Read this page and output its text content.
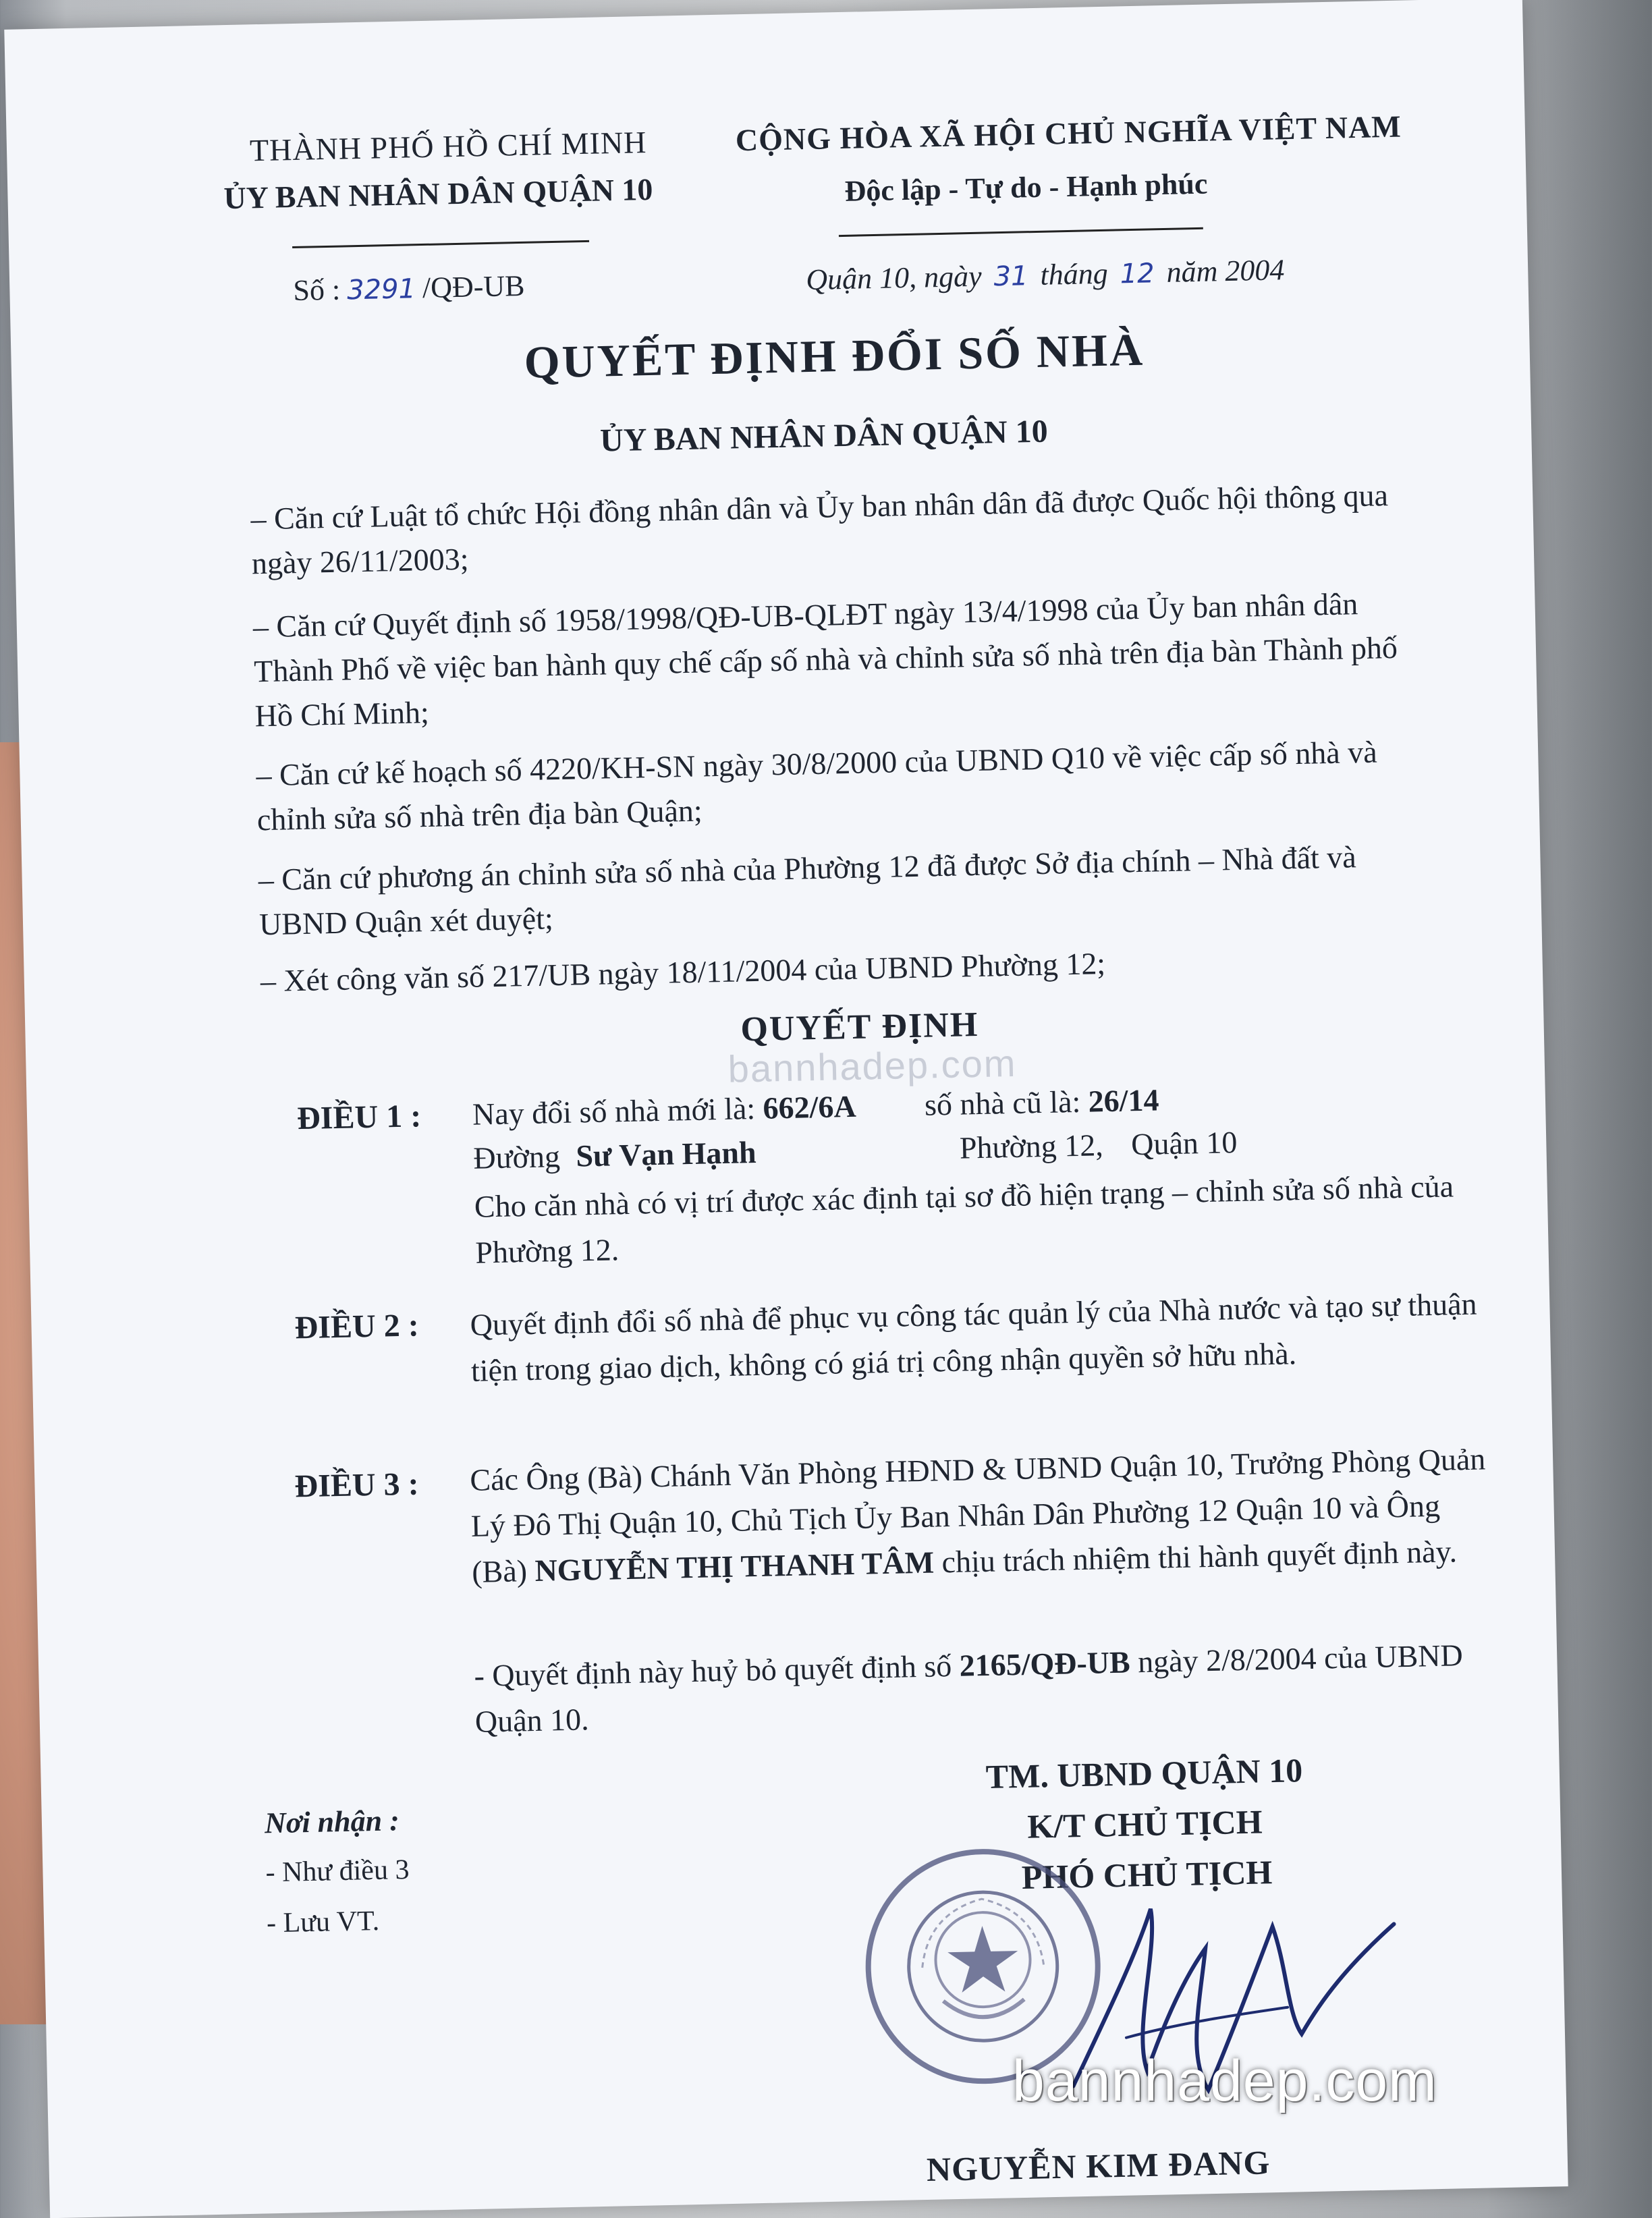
THÀNH PHỐ HỒ CHÍ MINH
ỦY BAN NHÂN DÂN QUẬN 10
CỘNG HÒA XÃ HỘI CHỦ NGHĨA VIỆT NAM
Độc lập - Tự do - Hạnh phúc
Số : 3291 /QĐ-UB	Quận 10, ngày 31 tháng 12 năm 2004
QUYẾT ĐỊNH ĐỔI SỐ NHÀ
ỦY BAN NHÂN DÂN QUẬN 10
– Căn cứ Luật tổ chức Hội đồng nhân dân và Ủy ban nhân dân đã được Quốc hội thông qua ngày 26/11/2003;
– Căn cứ Quyết định số 1958/1998/QĐ-UB-QLĐT ngày 13/4/1998 của Ủy ban nhân dân Thành Phố về việc ban hành quy chế cấp số nhà và chỉnh sửa số nhà trên địa bàn Thành phố Hồ Chí Minh;
– Căn cứ kế hoạch số 4220/KH-SN ngày 30/8/2000 của UBND Q10 về việc cấp số nhà và chỉnh sửa số nhà trên địa bàn Quận;
– Căn cứ phương án chỉnh sửa số nhà của Phường 12 đã được Sở địa chính – Nhà đất và UBND Quận xét duyệt;
– Xét công văn số 217/UB ngày 18/11/2004 của UBND Phường 12;
QUYẾT ĐỊNH
bannhadep.com
ĐIỀU 1 : Nay đổi số nhà mới là: 662/6A số nhà cũ là: 26/14
Đường Sư Vạn Hạnh	Phường 12, Quận 10
Cho căn nhà có vị trí được xác định tại sơ đồ hiện trạng – chỉnh sửa số nhà của Phường 12.
ĐIỀU 2 : Quyết định đổi số nhà để phục vụ công tác quản lý của Nhà nước và tạo sự thuận tiện trong giao dịch, không có giá trị công nhận quyền sở hữu nhà.
ĐIỀU 3 : Các Ông (Bà) Chánh Văn Phòng HĐND & UBND Quận 10, Trưởng Phòng Quản Lý Đô Thị Quận 10, Chủ Tịch Ủy Ban Nhân Dân Phường 12 Quận 10 và Ông (Bà) NGUYỄN THỊ THANH TÂM chịu trách nhiệm thi hành quyết định này.
- Quyết định này huỷ bỏ quyết định số 2165/QĐ-UB ngày 2/8/2004 của UBND Quận 10.
Nơi nhận :
- Như điều 3
- Lưu VT.
TM. UBND QUẬN 10
K/T CHỦ TỊCH
PHÓ CHỦ TỊCH
NGUYỄN KIM ĐANG
bannhadep.com
